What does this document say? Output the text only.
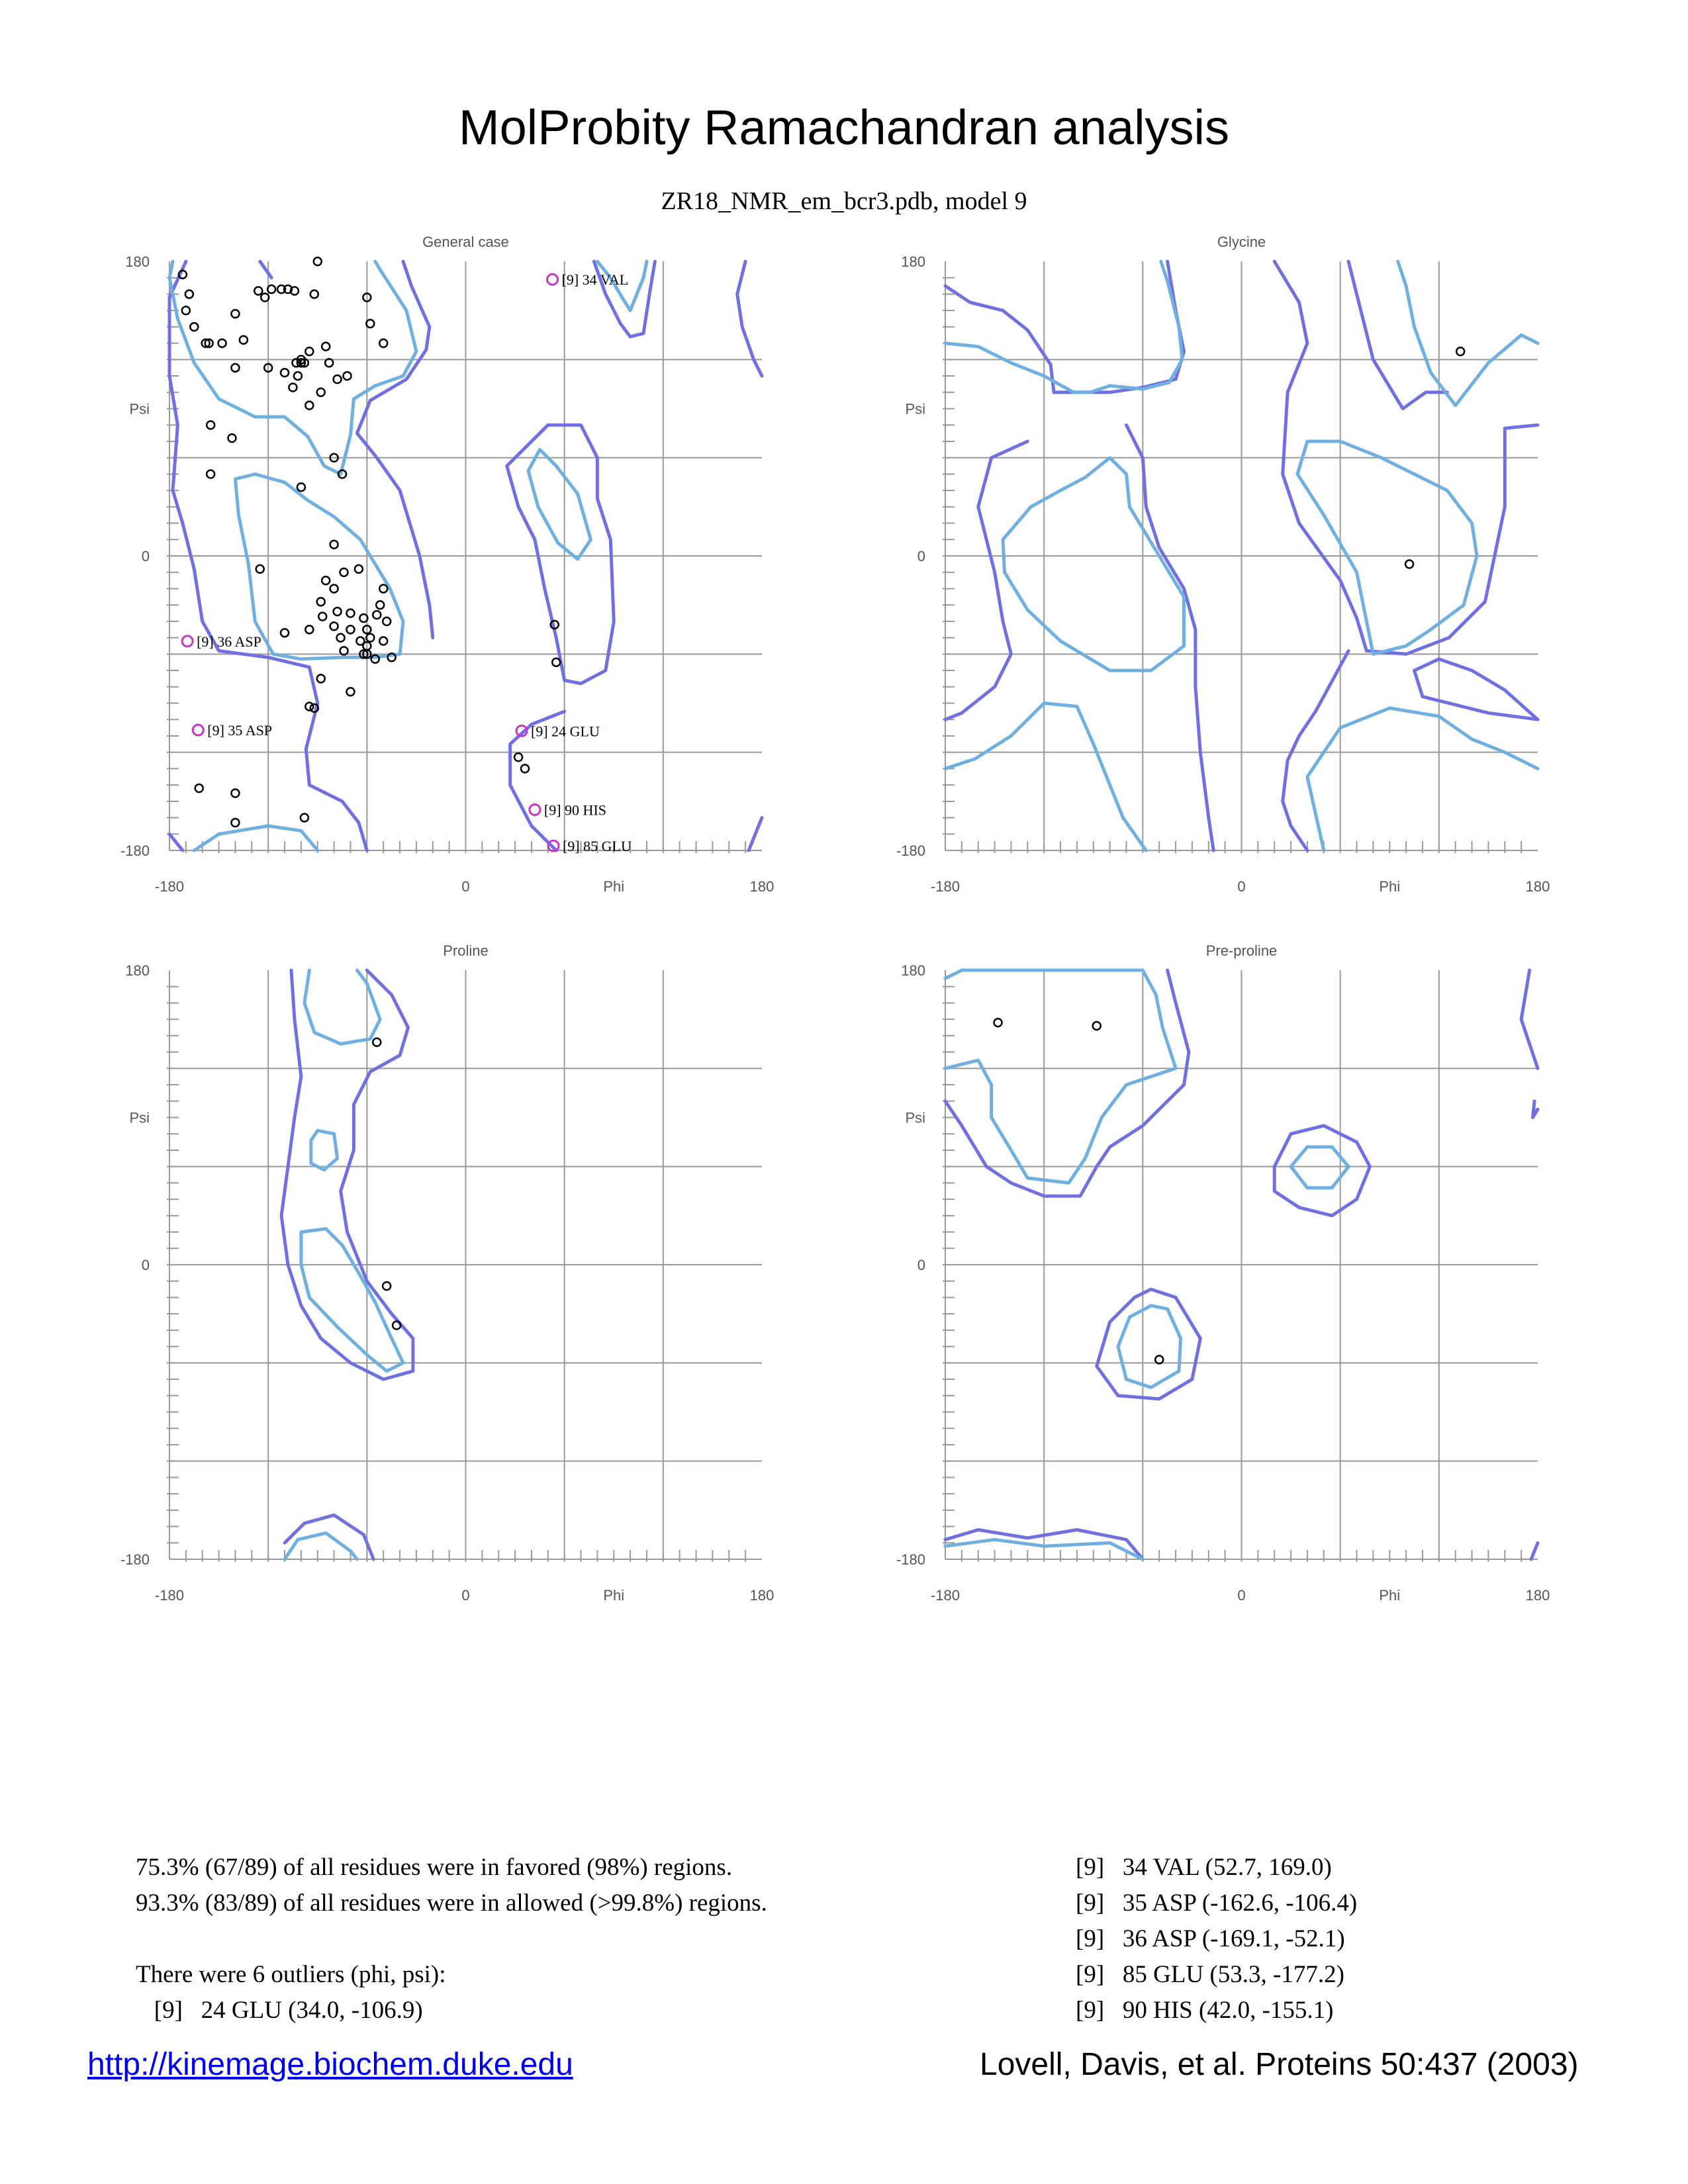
MolProbity Ramachandran analysis
ZR18_NMR_em_bcr3.pdb, model 9
[9] 34 VAL
[9] 36 ASP
[9] 35 ASP	[9] 24 GLU
[9] 90 HIS
[9] 85 GLU
General case
180
0
-180
Psi
-180	0	180
Phi
Glycine
180
0
-180
Psi
-180	0	180
Phi
Proline
180
0
-180
Psi
-180	0	180
Phi
Pre-proline
180
0
-180
Psi
-180	0	180
Phi
75.3% (67/89) of all residues were in favored (98%) regions.
93.3% (83/89) of all residues were in allowed (>99.8%) regions.

There were 6 outliers (phi, psi):
[9]   24 GLU (34.0, -106.9)
[9]   34 VAL (52.7, 169.0)
[9]   35 ASP (-162.6, -106.4)
[9]   36 ASP (-169.1, -52.1)
[9]   85 GLU (53.3, -177.2)
[9]   90 HIS (42.0, -155.1)
http://kinemage.biochem.duke.edu	Lovell, Davis, et al. Proteins 50:437 (2003)
